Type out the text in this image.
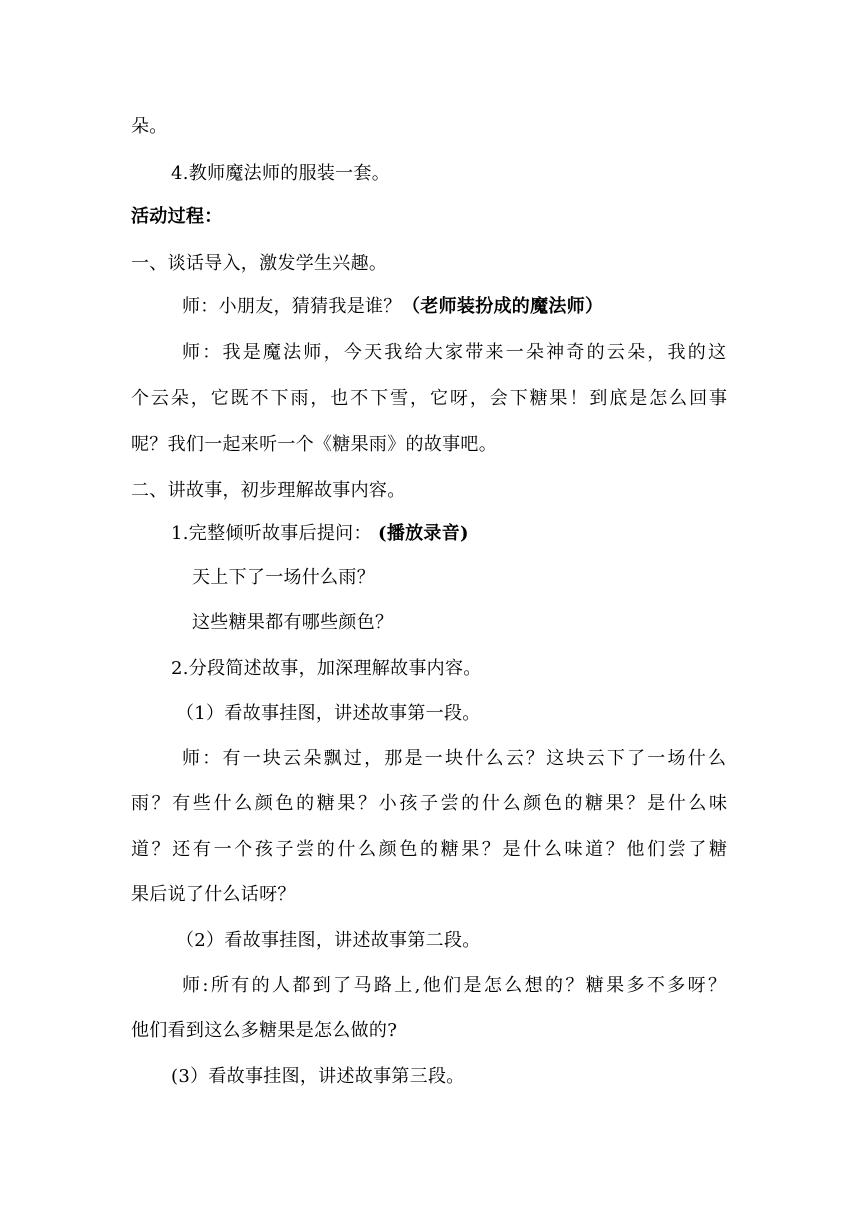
朵。
4.教师魔法师的服装一套。
活动过程：
一、谈话导入，激发学生兴趣。
师：小朋友，猜猜我是谁？ （老师装扮成的魔法师）
师：我是魔法师，今天我给大家带来一朵神奇的云朵，我的这
个云朵，它既不下雨，也不下雪，它呀，会下糖果！到底是怎么回事
呢？我们一起来听一个《糖果雨》的故事吧。
二、讲故事，初步理解故事内容。
1.完整倾听故事后提问： (播放录音)
天上下了一场什么雨？
这些糖果都有哪些颜色？
2.分段简述故事，加深理解故事内容。
（1）看故事挂图，讲述故事第一段。
师：有一块云朵飘过，那是一块什么云？这块云下了一场什么
雨？有些什么颜色的糖果？小孩子尝的什么颜色的糖果？是什么味
道？还有一个孩子尝的什么颜色的糖果？是什么味道？他们尝了糖
果后说了什么话呀？
（2）看故事挂图，讲述故事第二段。
师:所有的人都到了马路上,他们是怎么想的？糖果多不多呀？
他们看到这么多糖果是怎么做的?
(3）看故事挂图，讲述故事第三段。
